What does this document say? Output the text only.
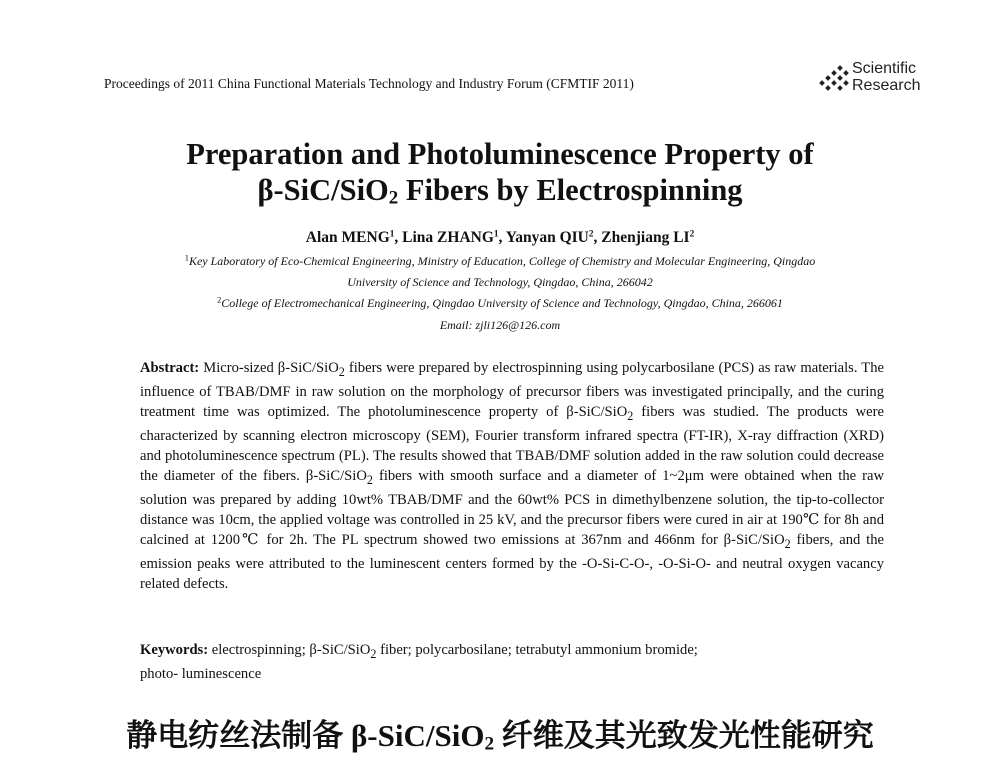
Proceedings of 2011 China Functional Materials Technology and Industry Forum (CFMTIF 2011)
Scientific
Research
Preparation and Photoluminescence Property of
β-SiC/SiO$_2$ Fibers by Electrospinning
Alan MENG$^1$, Lina ZHANG$^1$, Yanyan QIU$^2$, Zhenjiang $LI^2$
$^1$Key Laboratory of Eco-Chemical Engineering, Ministry of Education, College of Chemistry and Molecular Engineering, Qingdao
University of Science and Technology, Qingdao, China, 266042
$^2$College of Electromechanical Engineering, Qingdao University of Science and Technology, Qingdao, China, 266061
Email: zjli126@126.com
Abstract: Micro-sized β-SiC/SiO$_2$ fibers were prepared by electrospinning using polycarbosilane (PCS) as raw materials. The influence of TBAB/DMF in raw solution on the morphology of precursor fibers was investigated principally, and the curing treatment time was optimized. The photoluminescence property of β-SiC/SiO$_2$ fibers was studied. The products were characterized by scanning electron microscopy (SEM), Fourier transform infrared spectra (FT-IR), X-ray diffraction (XRD) and photoluminescence spectrum (PL). The results showed that TBAB/DMF solution added in the raw solution could decrease the diameter of the fibers. β-SiC/SiO$_2$ fibers with smooth surface and a diameter of 1~2μm were obtained when the raw solution was prepared by adding 10wt% TBAB/DMF and the 60wt% PCS in dimethylbenzene solution, the tip-to-collector distance was 10cm, the applied voltage was controlled in 25 kV, and the precursor fibers were cured in air at 190℃ for 8h and calcined at 1200℃ for 2h. The PL spectrum showed two emissions at 367nm and 466nm for β-SiC/SiO$_2$ fibers, and the emission peaks were attributed to the luminescent centers formed by the -O-Si-C-O-, -O-Si-O- and neutral oxygen vacancy related defects.
Keywords: electrospinning; β-SiC/SiO$_2$ fiber; polycarbosilane; tetrabutyl ammonium bromide;
photo- luminescence
静电纺丝法制备 β-SiC/SiO$_2$ 纤维及其光致发光性能研究
